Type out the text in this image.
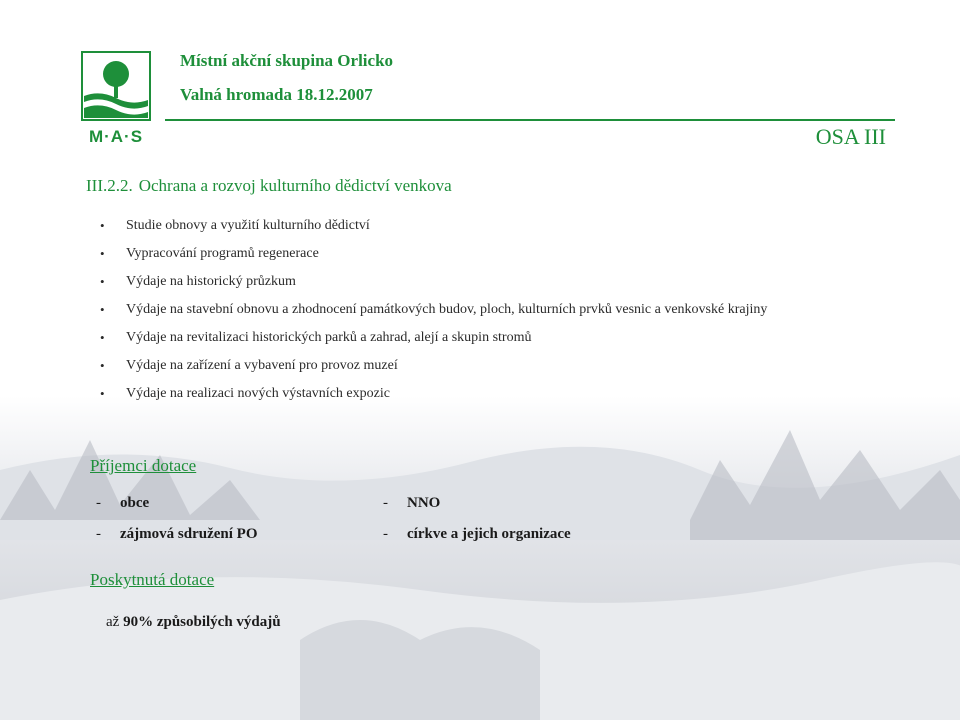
M·A·S
Místní akční skupina Orlicko
Valná hromada 18.12.2007
OSA III
III.2.2. Ochrana a rozvoj kulturního dědictví venkova
• Studie obnovy a využití kulturního dědictví
• Vypracování programů regenerace
• Výdaje na historický průzkum
• Výdaje na stavební obnovu a zhodnocení památkových budov, ploch, kulturních prvků vesnic a venkovské krajiny
• Výdaje na revitalizaci historických parků a zahrad, alejí a skupin stromů
• Výdaje na zařízení a vybavení pro provoz muzeí
• Výdaje na realizaci nových výstavních expozic
Příjemci dotace
- obce	- NNO
- zájmová sdružení PO	- církve a jejich organizace
Poskytnutá dotace
až 90% způsobilých výdajů
